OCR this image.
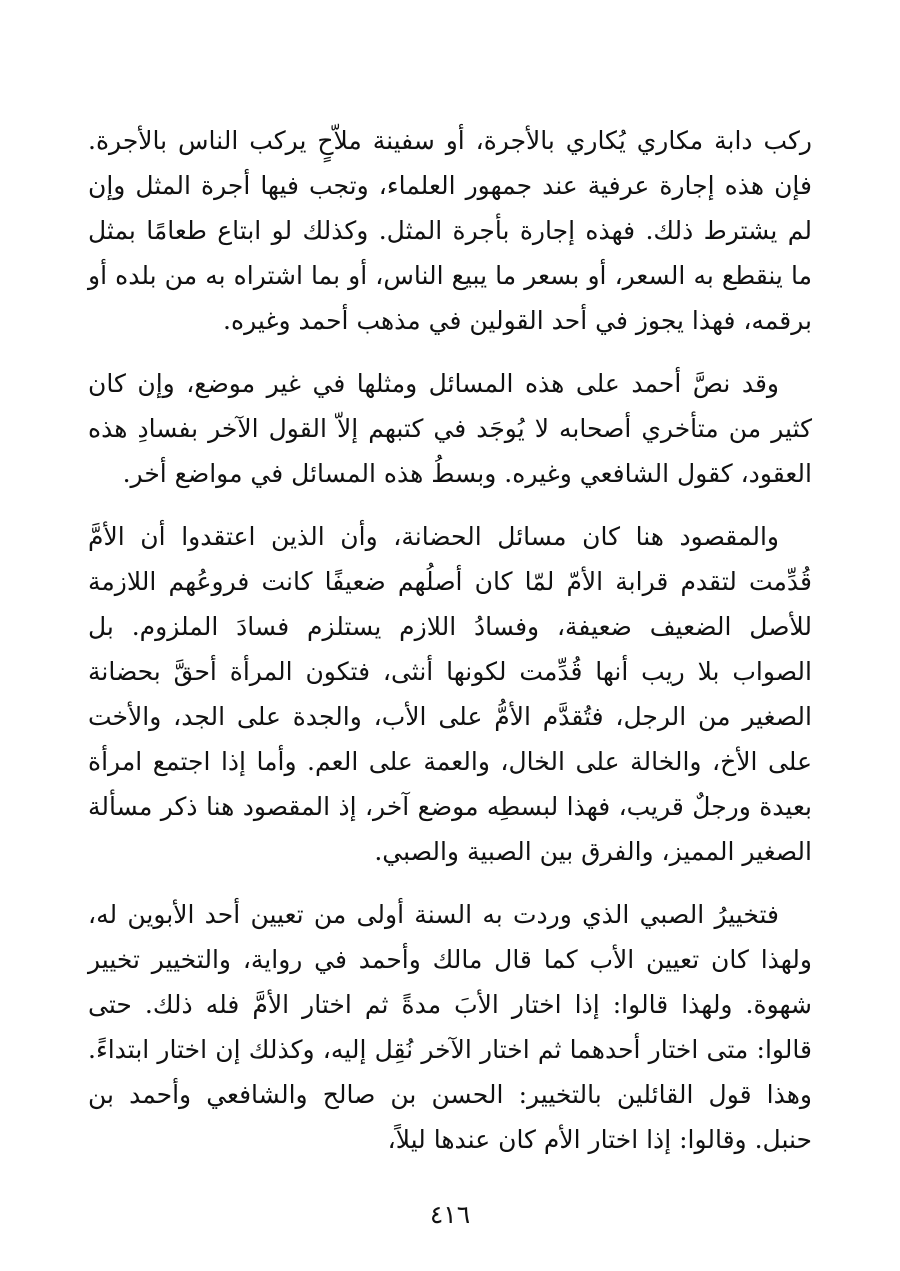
ركب دابة مكاري يُكاري بالأجرة، أو سفينة ملاّحٍ يركب الناس بالأجرة. فإن هذه إجارة عرفية عند جمهور العلماء، وتجب فيها أجرة المثل وإن لم يشترط ذلك. فهذه إجارة بأجرة المثل. وكذلك لو ابتاع طعامًا بمثل ما ينقطع به السعر، أو بسعر ما يبيع الناس، أو بما اشتراه به من بلده أو برقمه، فهذا يجوز في أحد القولين في مذهب أحمد وغيره.

وقد نصَّ أحمد على هذه المسائل ومثلها في غير موضع، وإن كان كثير من متأخري أصحابه لا يُوجَد في كتبهم إلاّ القول الآخر بفسادِ هذه العقود، كقول الشافعي وغيره. وبسطُ هذه المسائل في مواضع أخر.

والمقصود هنا كان مسائل الحضانة، وأن الذين اعتقدوا أن الأمَّ قُدِّمت لتقدم قرابة الأمّ لمّا كان أصلُهم ضعيفًا كانت فروعُهم اللازمة للأصل الضعيف ضعيفة، وفسادُ اللازم يستلزم فسادَ الملزوم. بل الصواب بلا ريب أنها قُدِّمت لكونها أنثى، فتكون المرأة أحقَّ بحضانة الصغير من الرجل، فتُقدَّم الأمُّ على الأب، والجدة على الجد، والأخت على الأخ، والخالة على الخال، والعمة على العم. وأما إذا اجتمع امرأة بعيدة ورجلٌ قريب، فهذا لبسطِه موضع آخر، إذ المقصود هنا ذكر مسألة الصغير المميز، والفرق بين الصبية والصبي.

فتخييرُ الصبي الذي وردت به السنة أولى من تعيين أحد الأبوين له، ولهذا كان تعيين الأب كما قال مالك وأحمد في رواية، والتخيير تخيير شهوة. ولهذا قالوا: إذا اختار الأبَ مدةً ثم اختار الأمَّ فله ذلك. حتى قالوا: متى اختار أحدهما ثم اختار الآخر نُقِل إليه، وكذلك إن اختار ابتداءً. وهذا قول القائلين بالتخيير: الحسن بن صالح والشافعي وأحمد بن حنبل. وقالوا: إذا اختار الأم كان عندها ليلاً،

٤١٦
